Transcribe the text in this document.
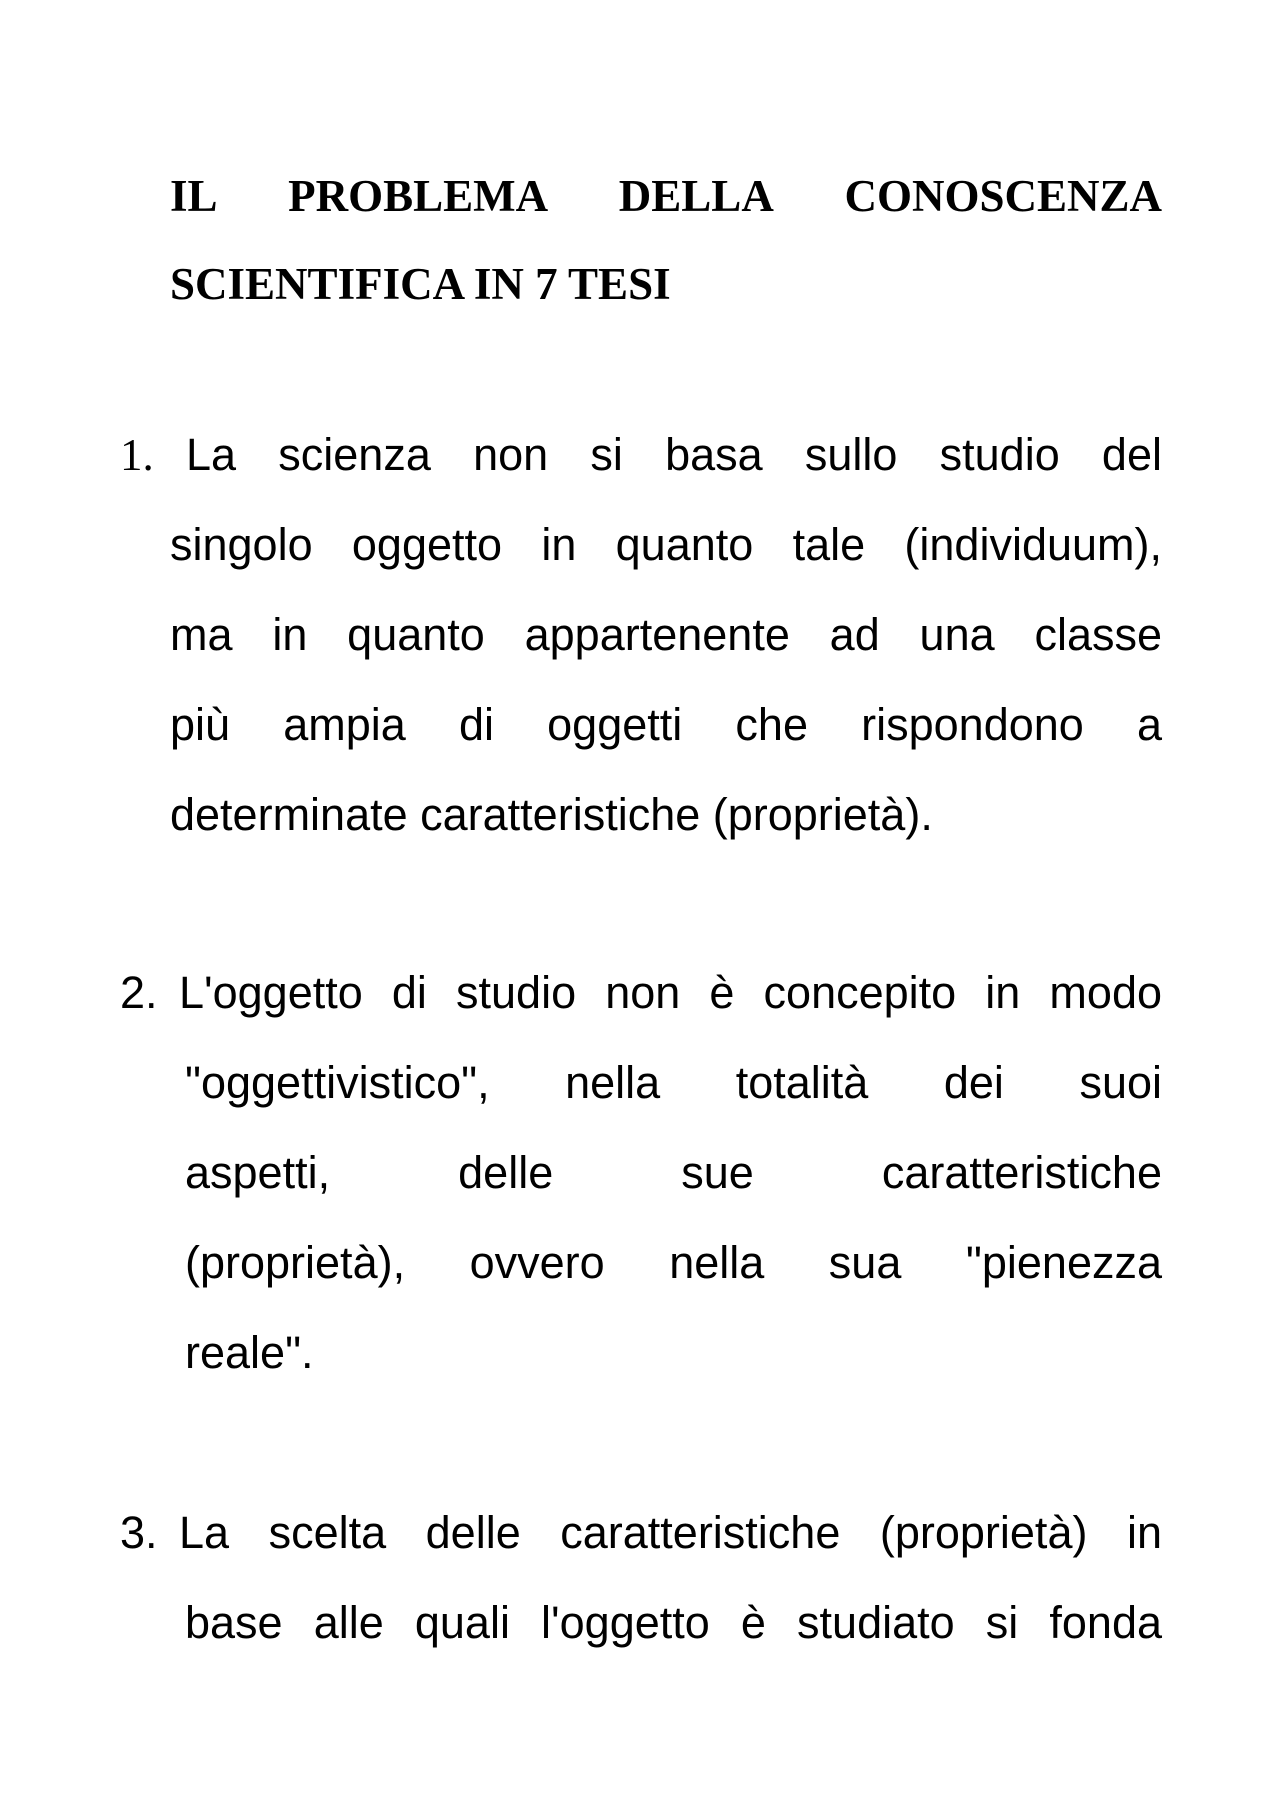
IL PROBLEMA DELLA CONOSCENZA
SCIENTIFICA IN 7 TESI
1. La scienza non si basa sullo studio del
singolo oggetto in quanto tale (individuum),
ma in quanto appartenente ad una classe
più ampia di oggetti che rispondono a
determinate caratteristiche (proprietà).
2. L'oggetto di studio non è concepito in modo
"oggettivistico", nella totalità dei suoi
aspetti, delle sue caratteristiche
(proprietà), ovvero nella sua "pienezza
reale".
3. La scelta delle caratteristiche (proprietà) in
base alle quali l'oggetto è studiato si fonda
